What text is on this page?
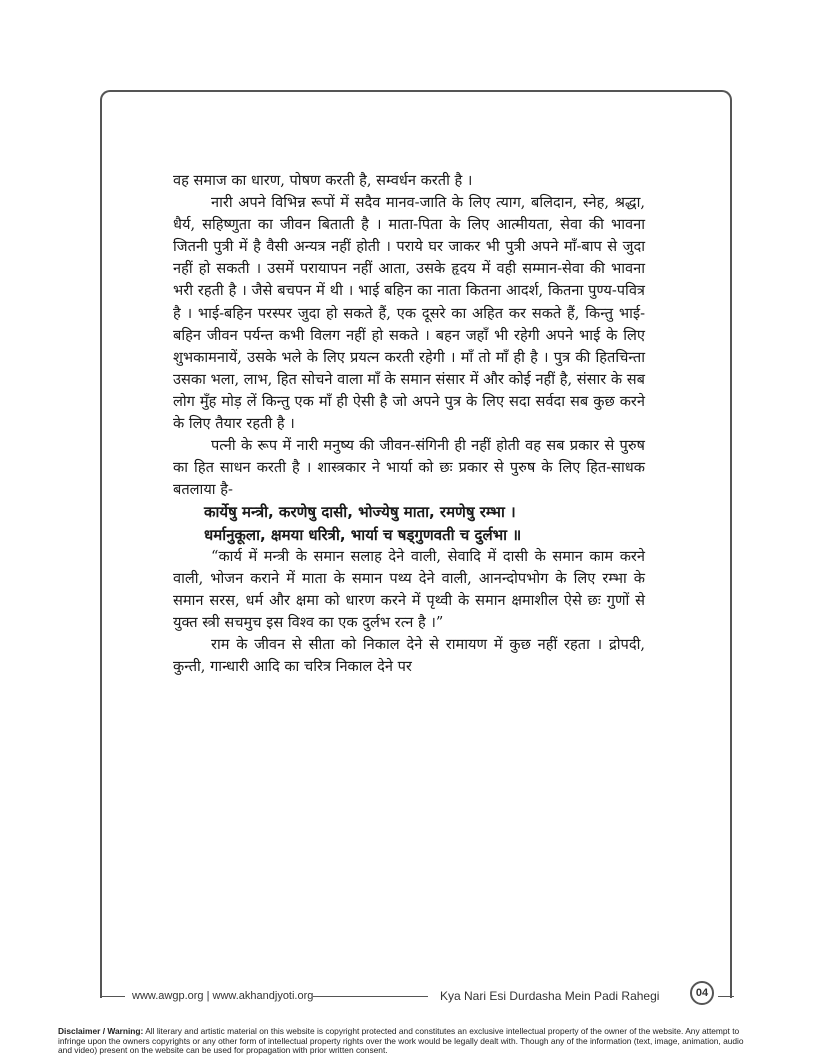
वह समाज का धारण, पोषण करती है, सम्वर्धन करती है ।

नारी अपने विभिन्न रूपों में सदैव मानव-जाति के लिए त्याग, बलिदान, स्नेह, श्रद्धा, धैर्य, सहिष्णुता का जीवन बिताती है । माता-पिता के लिए आत्मीयता, सेवा की भावना जितनी पुत्री में है वैसी अन्यत्र नहीं होती । पराये घर जाकर भी पुत्री अपने माँ-बाप से जुदा नहीं हो सकती । उसमें परायापन नहीं आता, उसके हृदय में वही सम्मान-सेवा की भावना भरी रहती है । जैसे बचपन में थी । भाई बहिन का नाता कितना आदर्श, कितना पुण्य-पवित्र है । भाई-बहिन परस्पर जुदा हो सकते हैं, एक दूसरे का अहित कर सकते हैं, किन्तु भाई-बहिन जीवन पर्यन्त कभी विलग नहीं हो सकते । बहन जहाँ भी रहेगी अपने भाई के लिए शुभकामनायें, उसके भले के लिए प्रयत्न करती रहेगी । माँ तो माँ ही है । पुत्र की हितचिन्ता उसका भला, लाभ, हित सोचने वाला माँ के समान संसार में और कोई नहीं है, संसार के सब लोग मुँह मोड़ लें किन्तु एक माँ ही ऐसी है जो अपने पुत्र के लिए सदा सर्वदा सब कुछ करने के लिए तैयार रहती है ।

पत्नी के रूप में नारी मनुष्य की जीवन-संगिनी ही नहीं होती वह सब प्रकार से पुरुष का हित साधन करती है । शास्त्रकार ने भार्या को छः प्रकार से पुरुष के लिए हित-साधक बतलाया है-

कार्येषु मन्त्री, करणेषु दासी, भोज्येषु माता, रमणेषु रम्भा ।

धर्मानुकूला, क्षमया धरित्री, भार्या च षड्गुणवती च दुर्लभा ॥

“कार्य में मन्त्री के समान सलाह देने वाली, सेवादि में दासी के समान काम करने वाली, भोजन कराने में माता के समान पथ्य देने वाली, आनन्दोपभोग के लिए रम्भा के समान सरस, धर्म और क्षमा को धारण करने में पृथ्वी के समान क्षमाशील ऐसे छः गुणों से युक्त स्त्री सचमुच इस विश्व का एक दुर्लभ रत्न है ।”

राम के जीवन से सीता को निकाल देने से रामायण में कुछ नहीं रहता । द्रोपदी, कुन्ती, गान्धारी आदि का चरित्र निकाल देने पर

www.awgp.org | www.akhandjyoti.org	Kya Nari Esi Durdasha Mein Padi Rahegi	04
Disclaimer / Warning: All literary and artistic material on this website is copyright protected and constitutes an exclusive intellectual property of the owner of the website. Any attempt to infringe upon the owners copyrights or any other form of intellectual property rights over the work would be legally dealt with. Though any of the information (text, image, animation, audio and video) present on the website can be used for propagation with prior written consent.
